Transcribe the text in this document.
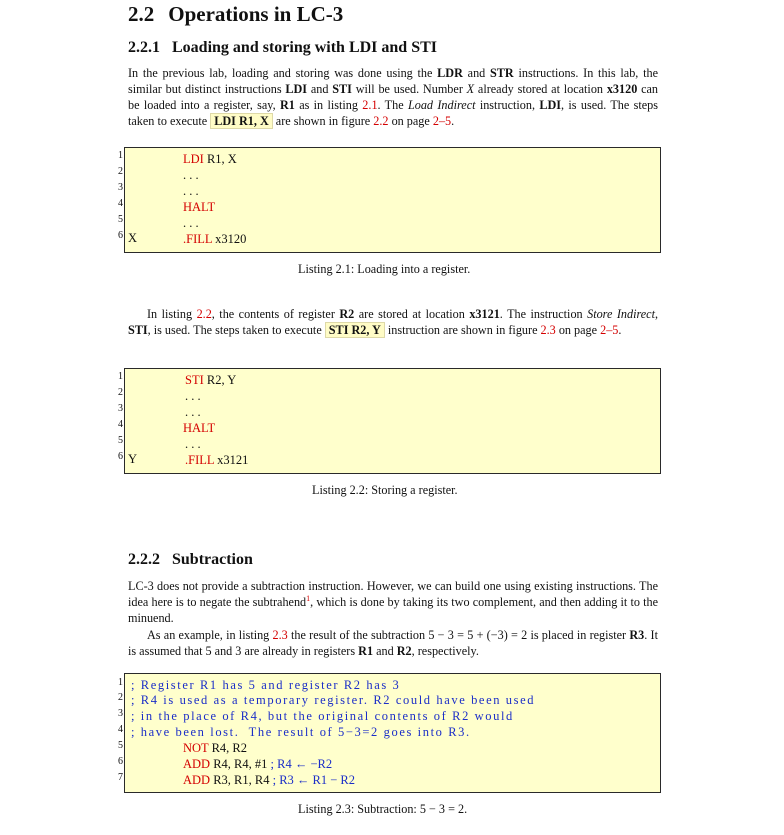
2.2 Operations in LC-3
2.2.1 Loading and storing with LDI and STI

In the previous lab, loading and storing was done using the LDR and STR instructions. In this lab, the similar but distinct instructions LDI and STI will be used. Number X already stored at location x3120 can be loaded into a register, say, R1 as in listing 2.1. The Load Indirect instruction, LDI, is used. The steps taken to execute LDI R1, X are shown in figure 2.2 on page 2–5.

1
2
3
4
5
6 X
LDI R1, X
. . .
. . .
HALT
. . .
.FILL x3120
Listing 2.1: Loading into a register.

In listing 2.2, the contents of register R2 are stored at location x3121. The instruction Store Indirect, STI, is used. The steps taken to execute STI R2, Y instruction are shown in figure 2.3 on page 2–5.

1
2
3
4
5
6 Y
STI R2, Y
. . .
. . .
HALT
. . .
.FILL x3121
Listing 2.2: Storing a register.
2.2.2 Subtraction

LC-3 does not provide a subtraction instruction. However, we can build one using existing instructions. The idea here is to negate the subtrahend$^1$, which is done by taking its two complement, and then adding it to the minuend.

As an example, in listing 2.3 the result of the subtraction 5 − 3 = 5 + (−3) = 2 is placed in register R3. It is assumed that 5 and 3 are already in registers R1 and R2, respectively.

1
2
3
4
5
6
7
; Register R1 has 5 and register R2 has 3
; R4 is used as a temporary register. R2 could have been used
; in the place of R4, but the original contents of R2 would
; have been lost.  The result of 5−3=2 goes into R3.
NOT R4, R2
ADD R4, R4, #1 ; R4 ← −R2
ADD R3, R1, R4 ; R3 ← R1 − R2
Listing 2.3: Subtraction: 5 − 3 = 2.
